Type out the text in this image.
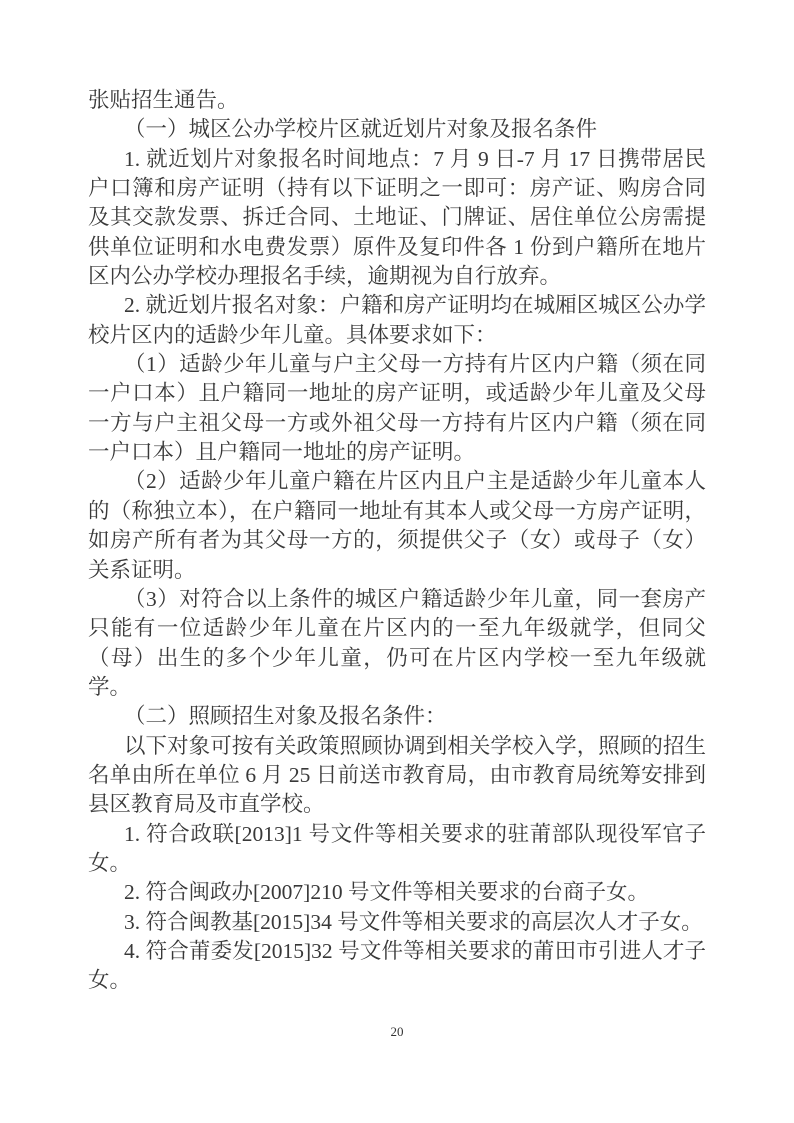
张贴招生通告。

（一）城区公办学校片区就近划片对象及报名条件

1. 就近划片对象报名时间地点：7 月 9 日-7 月 17 日携带居民户口簿和房产证明（持有以下证明之一即可：房产证、购房合同及其交款发票、拆迁合同、土地证、门牌证、居住单位公房需提供单位证明和水电费发票）原件及复印件各 1 份到户籍所在地片区内公办学校办理报名手续，逾期视为自行放弃。

2. 就近划片报名对象：户籍和房产证明均在城厢区城区公办学校片区内的适龄少年儿童。具体要求如下：

（1）适龄少年儿童与户主父母一方持有片区内户籍（须在同一户口本）且户籍同一地址的房产证明，或适龄少年儿童及父母一方与户主祖父母一方或外祖父母一方持有片区内户籍（须在同一户口本）且户籍同一地址的房产证明。

（2）适龄少年儿童户籍在片区内且户主是适龄少年儿童本人的（称独立本），在户籍同一地址有其本人或父母一方房产证明，如房产所有者为其父母一方的，须提供父子（女）或母子（女）关系证明。

（3）对符合以上条件的城区户籍适龄少年儿童，同一套房产只能有一位适龄少年儿童在片区内的一至九年级就学，但同父（母）出生的多个少年儿童，仍可在片区内学校一至九年级就学。

（二）照顾招生对象及报名条件：

以下对象可按有关政策照顾协调到相关学校入学，照顾的招生名单由所在单位 6 月 25 日前送市教育局，由市教育局统筹安排到县区教育局及市直学校。

1. 符合政联[2013]1 号文件等相关要求的驻莆部队现役军官子女。

2. 符合闽政办[2007]210 号文件等相关要求的台商子女。

3. 符合闽教基[2015]34 号文件等相关要求的高层次人才子女。

4. 符合莆委发[2015]32 号文件等相关要求的莆田市引进人才子女。

20
